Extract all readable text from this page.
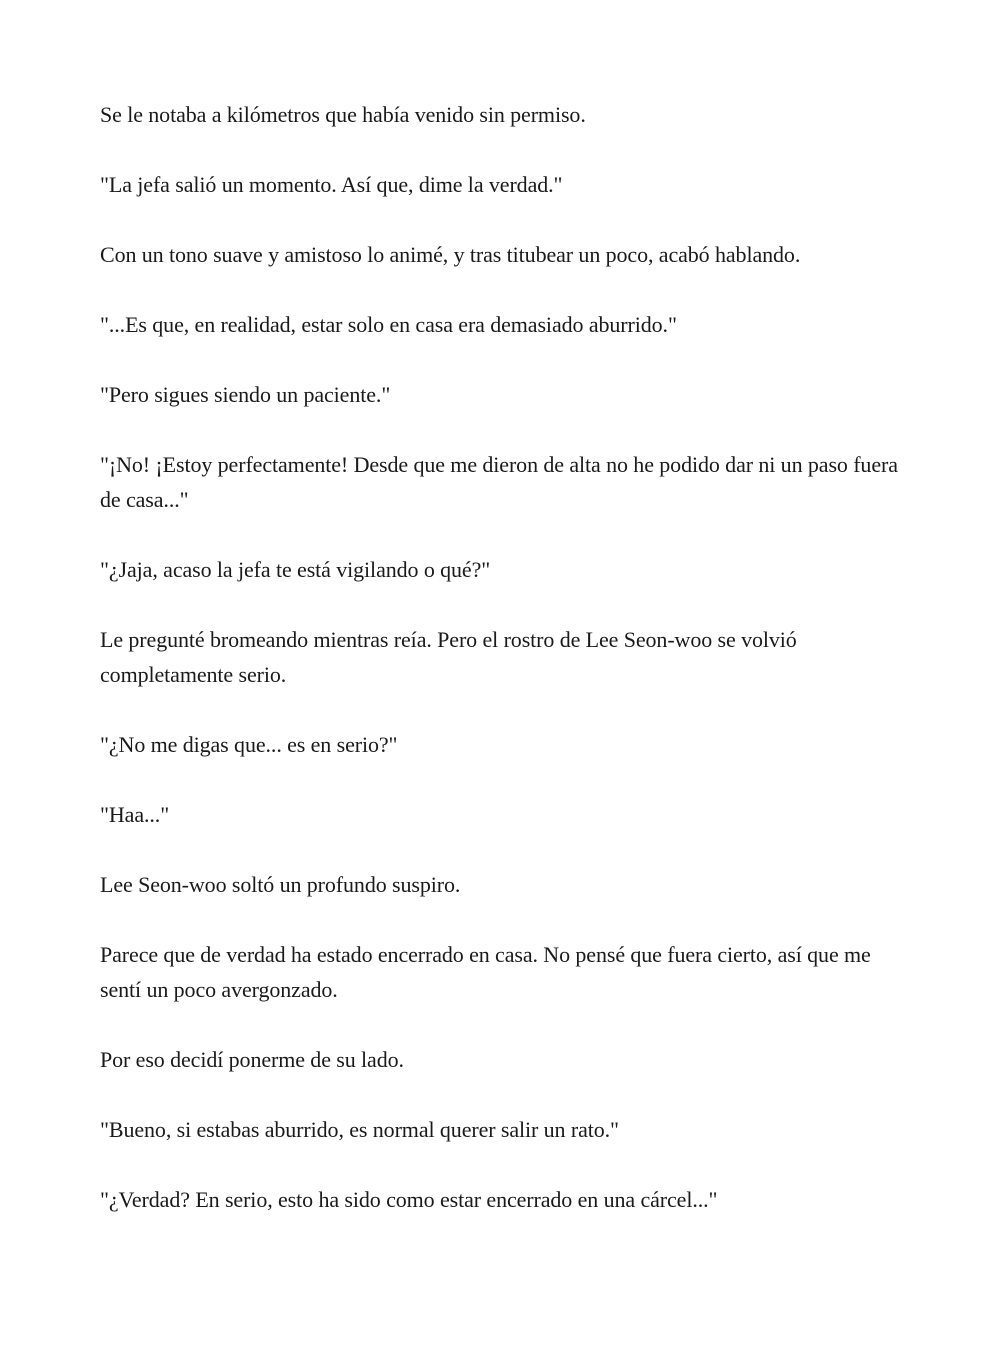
Se le notaba a kilómetros que había venido sin permiso.

"La jefa salió un momento. Así que, dime la verdad."

Con un tono suave y amistoso lo animé, y tras titubear un poco, acabó hablando.

"...Es que, en realidad, estar solo en casa era demasiado aburrido."

"Pero sigues siendo un paciente."

"¡No! ¡Estoy perfectamente! Desde que me dieron de alta no he podido dar ni un paso fuera de casa..."

"¿Jaja, acaso la jefa te está vigilando o qué?"

Le pregunté bromeando mientras reía. Pero el rostro de Lee Seon-woo se volvió completamente serio.

"¿No me digas que... es en serio?"

"Haa..."

Lee Seon-woo soltó un profundo suspiro.

Parece que de verdad ha estado encerrado en casa. No pensé que fuera cierto, así que me sentí un poco avergonzado.

Por eso decidí ponerme de su lado.

"Bueno, si estabas aburrido, es normal querer salir un rato."

"¿Verdad? En serio, esto ha sido como estar encerrado en una cárcel..."
